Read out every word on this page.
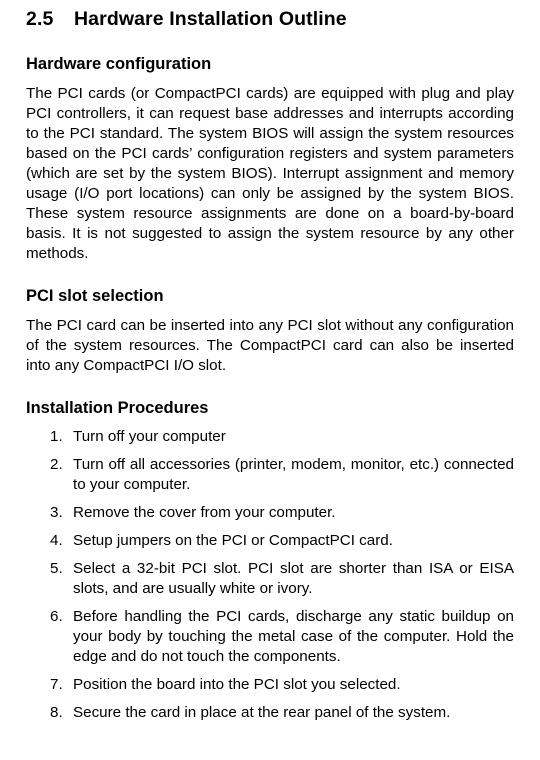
2.5 Hardware Installation Outline
Hardware configuration

The PCI cards (or CompactPCI cards) are equipped with plug and play PCI controllers, it can request base addresses and interrupts according to the PCI standard. The system BIOS will assign the system resources based on the PCI cards’ configuration registers and system parameters (which are set by the system BIOS). Interrupt assignment and memory usage (I/O port locations) can only be assigned by the system BIOS. These system resource assignments are done on a board-by-board basis. It is not suggested to assign the system resource by any other methods.

PCI slot selection

The PCI card can be inserted into any PCI slot without any configuration of the system resources. The CompactPCI card can also be inserted into any CompactPCI I/O slot.

Installation Procedures
1. Turn off your computer
2. Turn off all accessories (printer, modem, monitor, etc.) connected to your computer.
3. Remove the cover from your computer.
4. Setup jumpers on the PCI or CompactPCI card.
5. Select a 32-bit PCI slot. PCI slot are shorter than ISA or EISA slots, and are usually white or ivory.
6. Before handling the PCI cards, discharge any static buildup on your body by touching the metal case of the computer. Hold the edge and do not touch the components.
7. Position the board into the PCI slot you selected.
8. Secure the card in place at the rear panel of the system.
